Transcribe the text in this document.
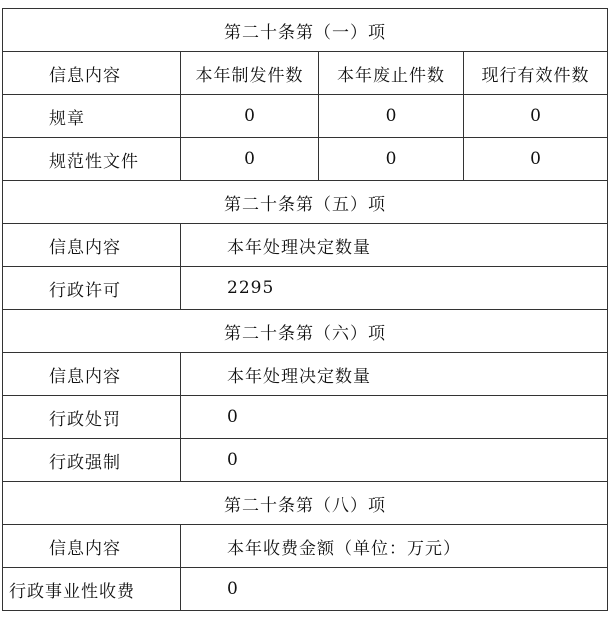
第二十条第（一）项			
信息内容	本年制发件数	本年废止件数	现行有效件数
规章	0	0	0
规范性文件	0	0	0
第二十条第（五）项			
信息内容	本年处理决定数量		
行政许可	2295		
第二十条第（六）项			
信息内容	本年处理决定数量		
行政处罚	0		
行政强制	0		
第二十条第（八）项			
信息内容	本年收费金额（单位：万元）		
行政事业性收费	0		
